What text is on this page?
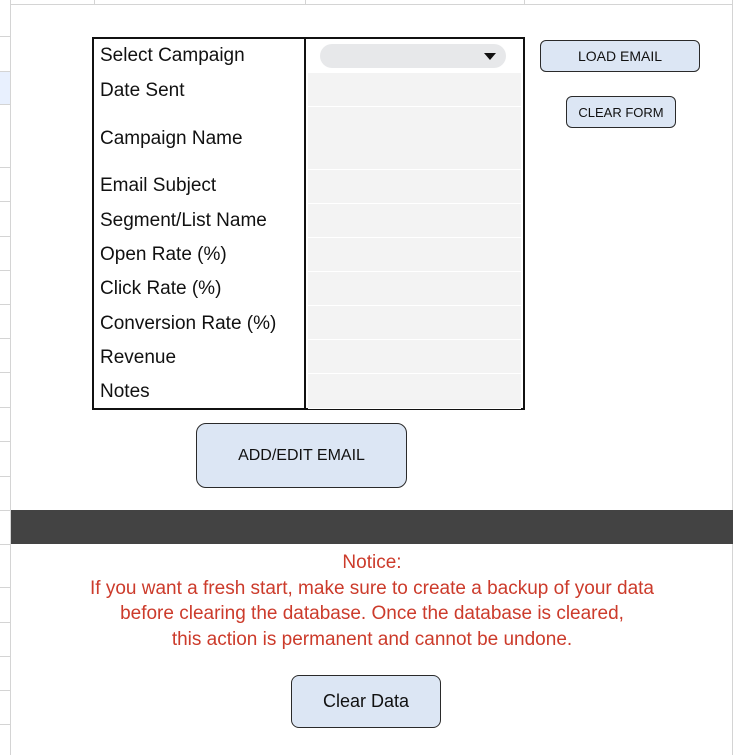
Select Campaign
Date Sent
Campaign Name
Email Subject
Segment/List Name
Open Rate (%)
Click Rate (%)
Conversion Rate (%)
Revenue
Notes
LOAD EMAIL
CLEAR FORM
ADD/EDIT EMAIL
Notice:
If you want a fresh start, make sure to create a backup of your data
before clearing the database. Once the database is cleared,
this action is permanent and cannot be undone.
Clear Data
